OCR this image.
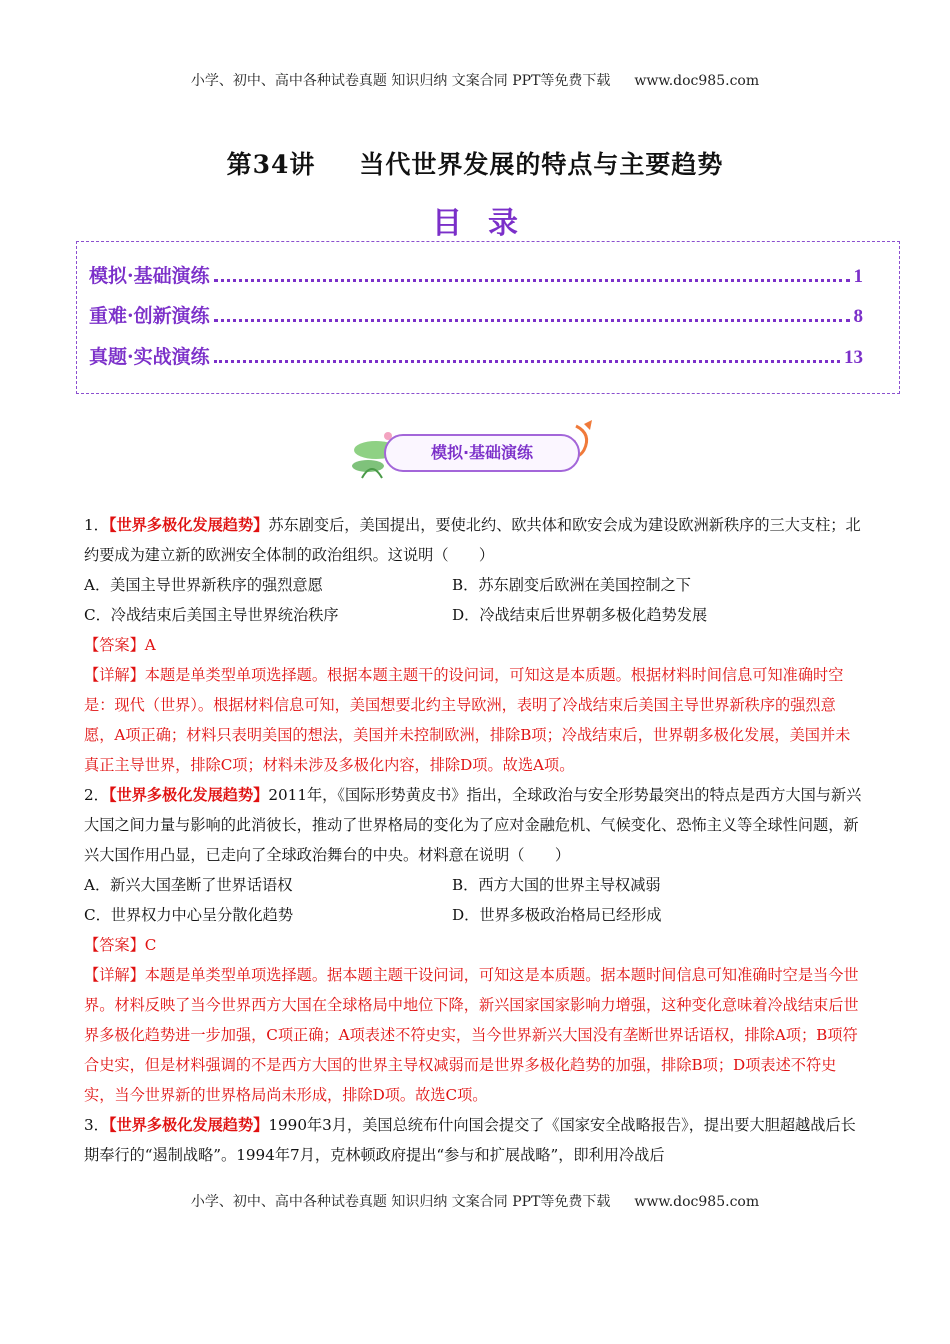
小学、初中、高中各种试卷真题 知识归纳 文案合同 PPT等免费下载 www.doc985.com
第34讲 当代世界发展的特点与主要趋势
目录
模拟·基础演练	1
重难·创新演练	8
真题·实战演练	13
模拟·基础演练

1．【世界多极化发展趋势】苏东剧变后，美国提出，要使北约、欧共体和欧安会成为建设欧洲新秩序的三大支柱；北约要成为建立新的欧洲安全体制的政治组织。这说明（　　）

A．美国主导世界新秩序的强烈意愿	B．苏东剧变后欧洲在美国控制之下
C．冷战结束后美国主导世界统治秩序	D．冷战结束后世界朝多极化趋势发展

【答案】A

【详解】本题是单类型单项选择题。根据本题主题干的设问词，可知这是本质题。根据材料时间信息可知准确时空是：现代（世界）。根据材料信息可知，美国想要北约主导欧洲，表明了冷战结束后美国主导世界新秩序的强烈意愿，A项正确；材料只表明美国的想法，美国并未控制欧洲，排除B项；冷战结束后，世界朝多极化发展，美国并未真正主导世界，排除C项；材料未涉及多极化内容，排除D项。故选A项。

2．【世界多极化发展趋势】2011年，《国际形势黄皮书》指出，全球政治与安全形势最突出的特点是西方大国与新兴大国之间力量与影响的此消彼长，推动了世界格局的变化为了应对金融危机、气候变化、恐怖主义等全球性问题，新兴大国作用凸显，已走向了全球政治舞台的中央。材料意在说明（　　）

A．新兴大国垄断了世界话语权	B．西方大国的世界主导权减弱
C．世界权力中心呈分散化趋势	D．世界多极政治格局已经形成

【答案】C

【详解】本题是单类型单项选择题。据本题主题干设问词，可知这是本质题。据本题时间信息可知准确时空是当今世界。材料反映了当今世界西方大国在全球格局中地位下降，新兴国家国家影响力增强，这种变化意味着冷战结束后世界多极化趋势进一步加强，C项正确；A项表述不符史实，当今世界新兴大国没有垄断世界话语权，排除A项；B项符合史实，但是材料强调的不是西方大国的世界主导权减弱而是世界多极化趋势的加强，排除B项；D项表述不符史实，当今世界新的世界格局尚未形成，排除D项。故选C项。

3．【世界多极化发展趋势】1990年3月，美国总统布什向国会提交了《国家安全战略报告》，提出要大胆超越战后长期奉行的“遏制战略”。1994年7月，克林顿政府提出“参与和扩展战略”，即利用冷战后

小学、初中、高中各种试卷真题 知识归纳 文案合同 PPT等免费下载 www.doc985.com
